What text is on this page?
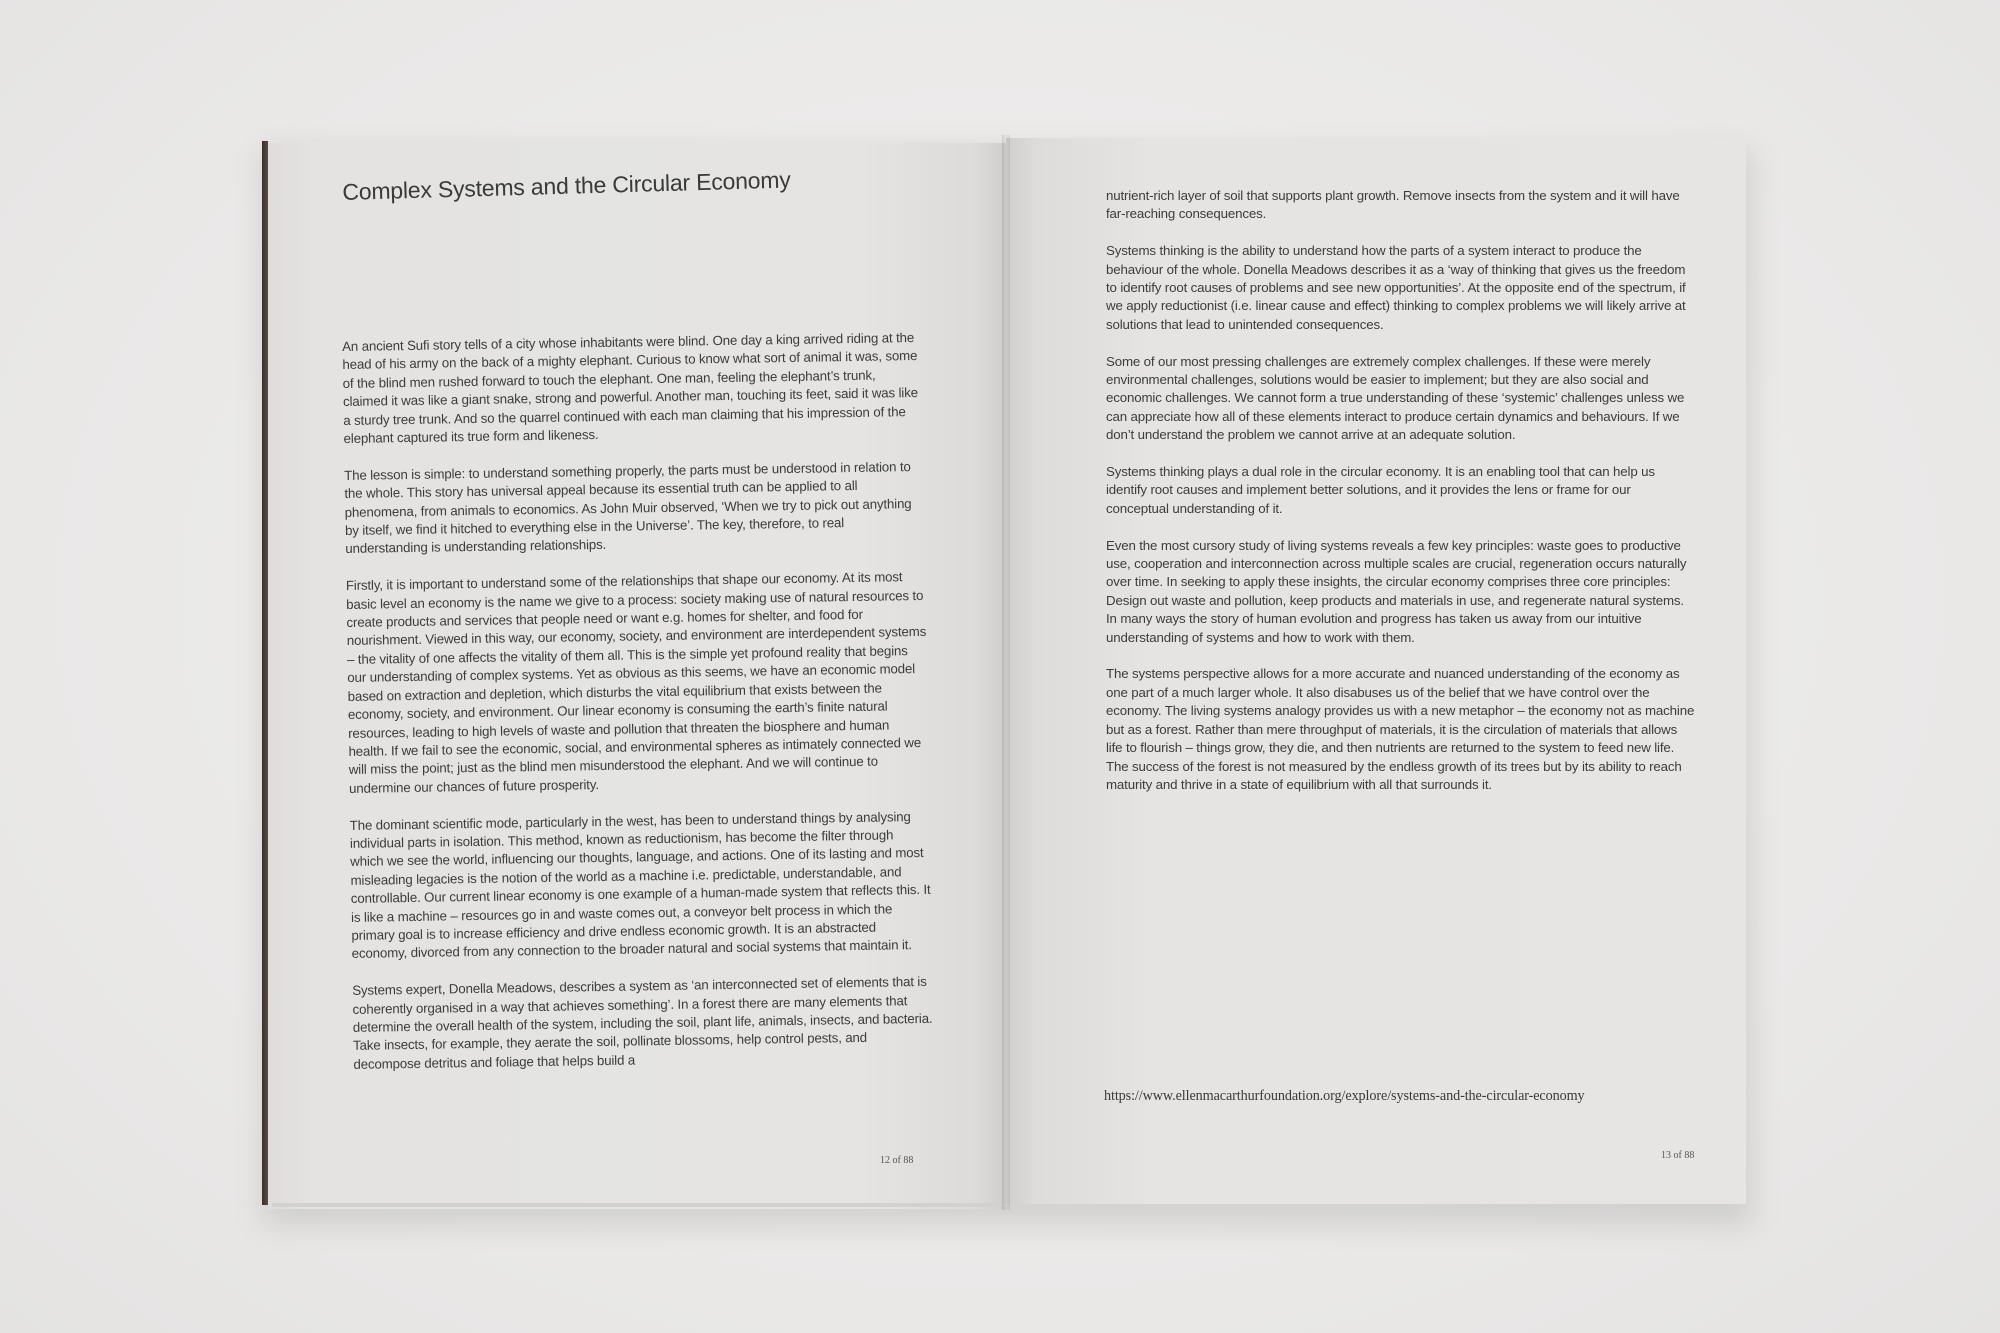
Complex Systems and the Circular Economy

An ancient Sufi story tells of a city whose inhabitants were blind. One day a king arrived riding at the head of his army on the back of a mighty elephant. Curious to know what sort of animal it was, some of the blind men rushed forward to touch the elephant. One man, feeling the elephant’s trunk, claimed it was like a giant snake, strong and powerful. Another man, touching its feet, said it was like a sturdy tree trunk. And so the quarrel continued with each man claiming that his impression of the elephant captured its true form and likeness.

The lesson is simple: to understand something properly, the parts must be understood in relation to the whole. This story has universal appeal because its essential truth can be applied to all phenomena, from animals to economics. As John Muir observed, ‘When we try to pick out anything by itself, we find it hitched to everything else in the Universe’. The key, therefore, to real understanding is understanding relationships.

Firstly, it is important to understand some of the relationships that shape our economy. At its most basic level an economy is the name we give to a process: society making use of natural resources to create products and services that people need or want e.g. homes for shelter, and food for nourishment. Viewed in this way, our economy, society, and environment are interdependent systems – the vitality of one affects the vitality of them all. This is the simple yet profound reality that begins our understanding of complex systems. Yet as obvious as this seems, we have an economic model based on extraction and depletion, which disturbs the vital equilibrium that exists between the economy, society, and environment. Our linear economy is consuming the earth’s finite natural resources, leading to high levels of waste and pollution that threaten the biosphere and human health. If we fail to see the economic, social, and environmental spheres as intimately connected we will miss the point; just as the blind men misunderstood the elephant. And we will continue to undermine our chances of future prosperity.

The dominant scientific mode, particularly in the west, has been to understand things by analysing individual parts in isolation. This method, known as reductionism, has become the filter through which we see the world, influencing our thoughts, language, and actions. One of its lasting and most misleading legacies is the notion of the world as a machine i.e. predictable, understandable, and controllable. Our current linear economy is one example of a human-made system that reflects this. It is like a machine – resources go in and waste comes out, a conveyor belt process in which the primary goal is to increase efficiency and drive endless economic growth. It is an abstracted economy, divorced from any connection to the broader natural and social systems that maintain it.

Systems expert, Donella Meadows, describes a system as ‘an interconnected set of elements that is coherently organised in a way that achieves something’. In a forest there are many elements that determine the overall health of the system, including the soil, plant life, animals, insects, and bacteria. Take insects, for example, they aerate the soil, pollinate blossoms, help control pests, and decompose detritus and foliage that helps build a

12 of 88

nutrient-rich layer of soil that supports plant growth. Remove insects from the system and it will have far-reaching consequences.

Systems thinking is the ability to understand how the parts of a system interact to produce the behaviour of the whole. Donella Meadows describes it as a ‘way of thinking that gives us the freedom to identify root causes of problems and see new opportunities’. At the opposite end of the spectrum, if we apply reductionist (i.e. linear cause and effect) thinking to complex problems we will likely arrive at solutions that lead to unintended consequences.

Some of our most pressing challenges are extremely complex challenges. If these were merely environmental challenges, solutions would be easier to implement; but they are also social and economic challenges. We cannot form a true understanding of these ‘systemic’ challenges unless we can appreciate how all of these elements interact to produce certain dynamics and behaviours. If we don’t understand the problem we cannot arrive at an adequate solution.

Systems thinking plays a dual role in the circular economy. It is an enabling tool that can help us identify root causes and implement better solutions, and it provides the lens or frame for our conceptual understanding of it.

Even the most cursory study of living systems reveals a few key principles: waste goes to productive use, cooperation and interconnection across multiple scales are crucial, regeneration occurs naturally over time. In seeking to apply these insights, the circular economy comprises three core principles: Design out waste and pollution, keep products and materials in use, and regenerate natural systems. In many ways the story of human evolution and progress has taken us away from our intuitive understanding of systems and how to work with them.

The systems perspective allows for a more accurate and nuanced understanding of the economy as one part of a much larger whole. It also disabuses us of the belief that we have control over the economy. The living systems analogy provides us with a new metaphor – the economy not as machine but as a forest. Rather than mere throughput of materials, it is the circulation of materials that allows life to flourish – things grow, they die, and then nutrients are returned to the system to feed new life. The success of the forest is not measured by the endless growth of its trees but by its ability to reach maturity and thrive in a state of equilibrium with all that surrounds it.

https://www.ellenmacarthurfoundation.org/explore/systems-and-the-circular-economy
13 of 88
